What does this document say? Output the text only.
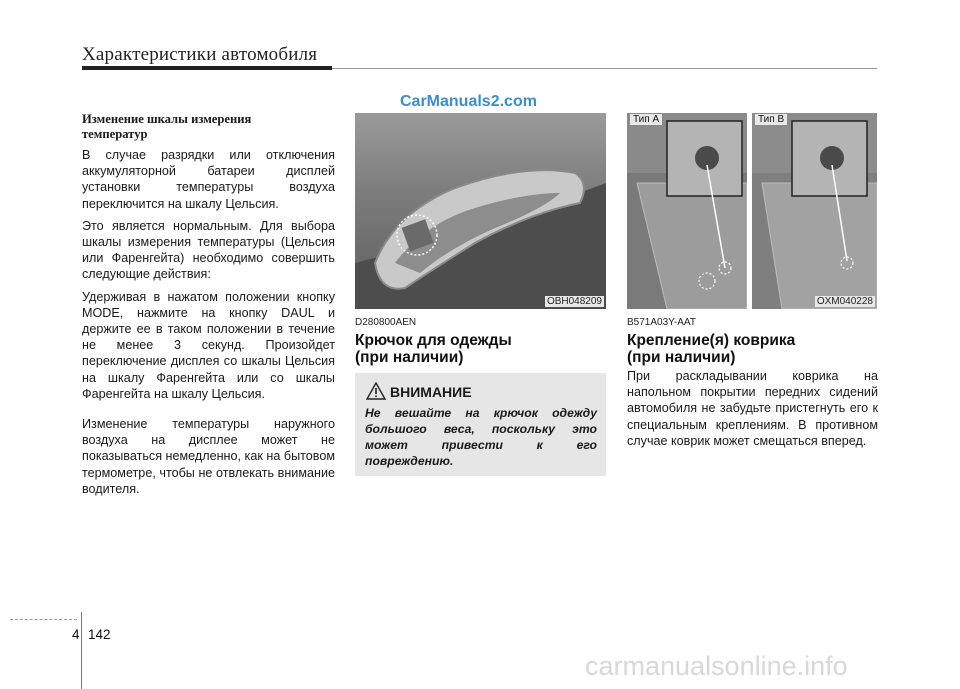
Характеристики автомобиля
CarManuals2.com
Изменение шкалы измерения
температур

В случае разрядки или отключения аккумуляторной батареи дисплей установки температуры воздуха переключится на шкалу Цельсия.

Это является нормальным. Для выбора шкалы измерения температуры (Цельсия или Фаренгейта) необходимо совершить следующие действия:

Удерживая в нажатом положении кнопку MODE, нажмите на кнопку DAUL и держите ее в таком положении в течение не менее 3 секунд. Произойдет переключение дисплея со шкалы Цельсия на шкалу Фаренгейта или со шкалы Фаренгейта на шкалу Цельсия.

Изменение температуры наружного воздуха на дисплее может не показываться немедленно, как на бытовом термометре, чтобы не отвлекать внимание водителя.

OBH048209
D280800AEN
Крючок для одежды
(при наличии)
ВНИМАНИЕ
Не вешайте на крючок одежду большого веса, поскольку это может привести к его повреждению.
Тип A	Тип B
OXM040228
B571A03Y-AAT
Крепление(я) коврика
(при наличии)

При раскладывании коврика на напольном покрытии передних сидений автомобиля не забудьте пристегнуть его к специальным креплениям. В противном случае коврик может смещаться вперед.

4 142
carmanualsonline.info
